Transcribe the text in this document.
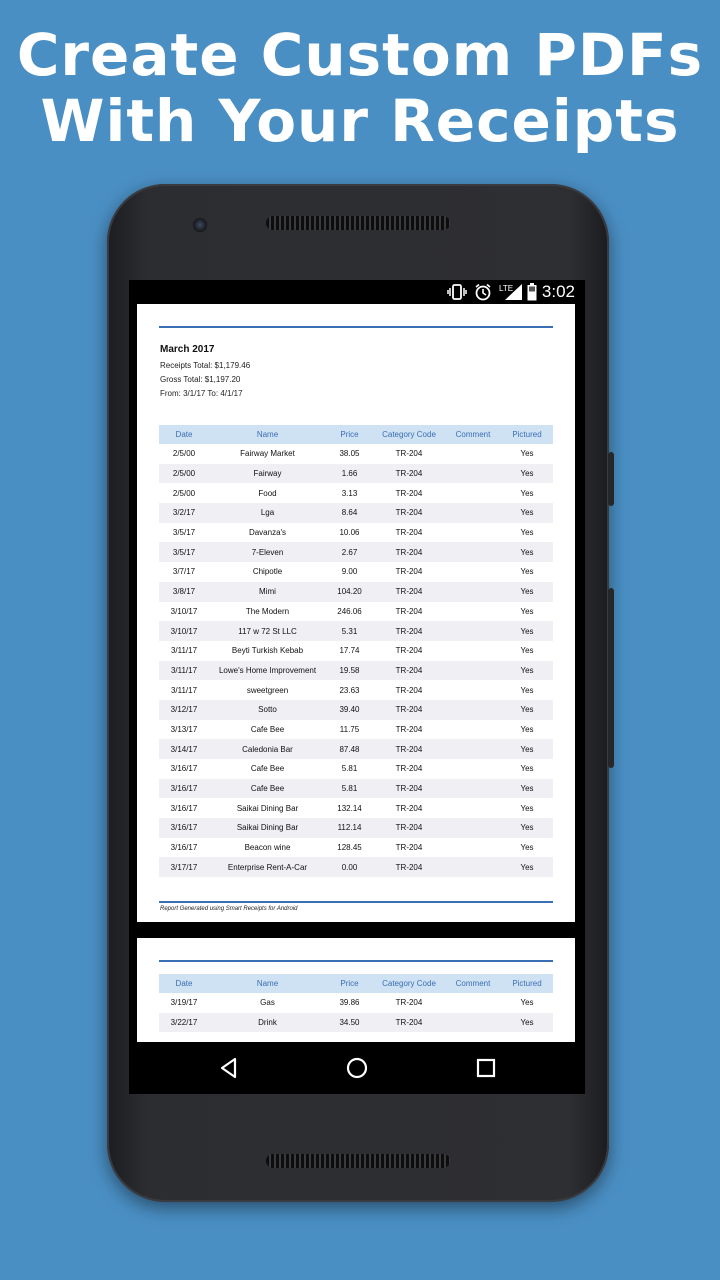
Create Custom PDFs
With Your Receipts
LTE 3:02
March 2017
Receipts Total: $1,179.46
Gross Total: $1,197.20
From: 3/1/17 To: 4/1/17
Date	Name	Price	Category Code	Comment	Pictured
2/5/00	Fairway Market	38.05	TR-204		Yes
2/5/00	Fairway	1.66	TR-204		Yes
2/5/00	Food	3.13	TR-204		Yes
3/2/17	Lga	8.64	TR-204		Yes
3/5/17	Davanza's	10.06	TR-204		Yes
3/5/17	7-Eleven	2.67	TR-204		Yes
3/7/17	Chipotle	9.00	TR-204		Yes
3/8/17	Mimi	104.20	TR-204		Yes
3/10/17	The Modern	246.06	TR-204		Yes
3/10/17	117 w 72 St LLC	5.31	TR-204		Yes
3/11/17	Beyti Turkish Kebab	17.74	TR-204		Yes
3/11/17	Lowe's Home Improvement	19.58	TR-204		Yes
3/11/17	sweetgreen	23.63	TR-204		Yes
3/12/17	Sotto	39.40	TR-204		Yes
3/13/17	Cafe Bee	11.75	TR-204		Yes
3/14/17	Caledonia Bar	87.48	TR-204		Yes
3/16/17	Cafe Bee	5.81	TR-204		Yes
3/16/17	Cafe Bee	5.81	TR-204		Yes
3/16/17	Saikai Dining Bar	132.14	TR-204		Yes
3/16/17	Saikai Dining Bar	112.14	TR-204		Yes
3/16/17	Beacon wine	128.45	TR-204		Yes
3/17/17	Enterprise Rent-A-Car	0.00	TR-204		Yes
Report Generated using Smart Receipts for Android
Date	Name	Price	Category Code	Comment	Pictured
3/19/17	Gas	39.86	TR-204		Yes
3/22/17	Drink	34.50	TR-204		Yes
